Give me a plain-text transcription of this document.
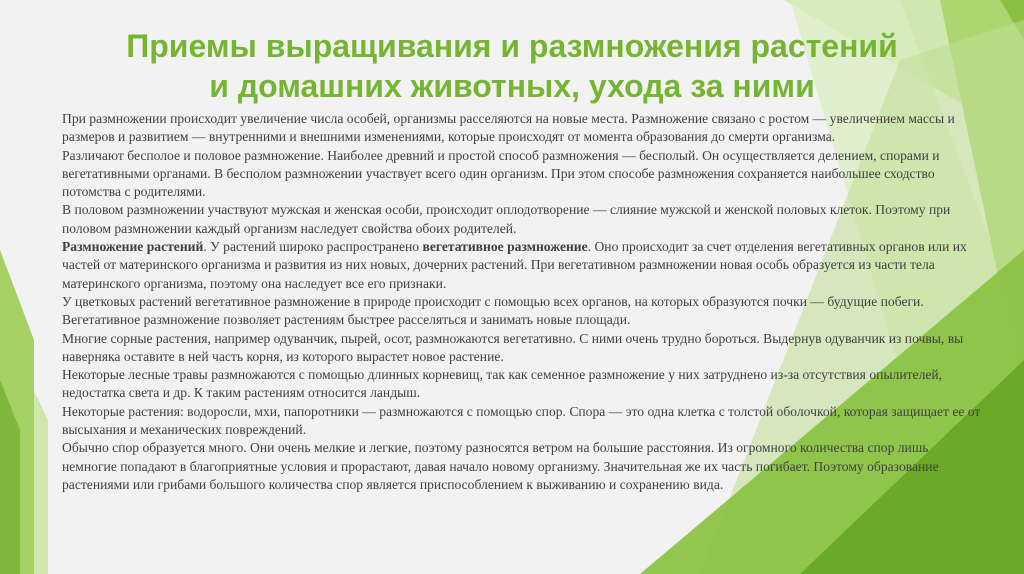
Приемы выращивания и размножения растений
и домашних животных, ухода за ними

При размножении происходит увеличение числа особей, организмы расселяются на новые места. Размножение связано с ростом — увеличением массы и размеров и развитием — внутренними и внешними изменениями, которые происходят от момента образования до смерти организма.

Различают бесполое и половое размножение. Наиболее древний и простой способ размножения — бесполый. Он осуществляется делением, спорами и вегетативными органами. В бесполом размножении участвует всего один организм. При этом способе размножения сохраняется наибольшее сходство потомства с родителями.

В половом размножении участвуют мужская и женская особи, происходит оплодотворение — слияние мужской и женской половых клеток. Поэтому при половом размножении каждый организм наследует свойства обоих родителей.

Размножение растений. У растений широко распространено вегетативное размножение. Оно происходит за счет отделения вегетативных органов или их частей от материнского организма и развития из них новых, дочерних растений. При вегетативном размножении новая особь образуется из части тела материнского организма, поэтому она наследует все его признаки.

У цветковых растений вегетативное размножение в природе происходит с помощью всех органов, на которых образуются почки — будущие побеги. Вегетативное размножение позволяет растениям быстрее расселяться и занимать новые площади.

Многие сорные растения, например одуванчик, пырей, осот, размножаются вегетативно. С ними очень трудно бороться. Выдернув одуванчик из почвы, вы наверняка оставите в ней часть корня, из которого вырастет новое растение.

Некоторые лесные травы размножаются с помощью длинных корневищ, так как семенное размножение у них затруднено из-за отсутствия опылителей, недостатка света и др. К таким растениям относится ландыш.

Некоторые растения: водоросли, мхи, папоротники — размножаются с помощью спор. Спора — это одна клетка с толстой оболочкой, которая защищает ее от высыхания и механических повреждений.

Обычно спор образуется много. Они очень мелкие и легкие, поэтому разносятся ветром на большие расстояния. Из огромного количества спор лишь немногие попадают в благоприятные условия и прорастают, давая начало новому организму. Значительная же их часть погибает. Поэтому образование растениями или грибами большого количества спор является приспособлением к выживанию и сохранению вида.
